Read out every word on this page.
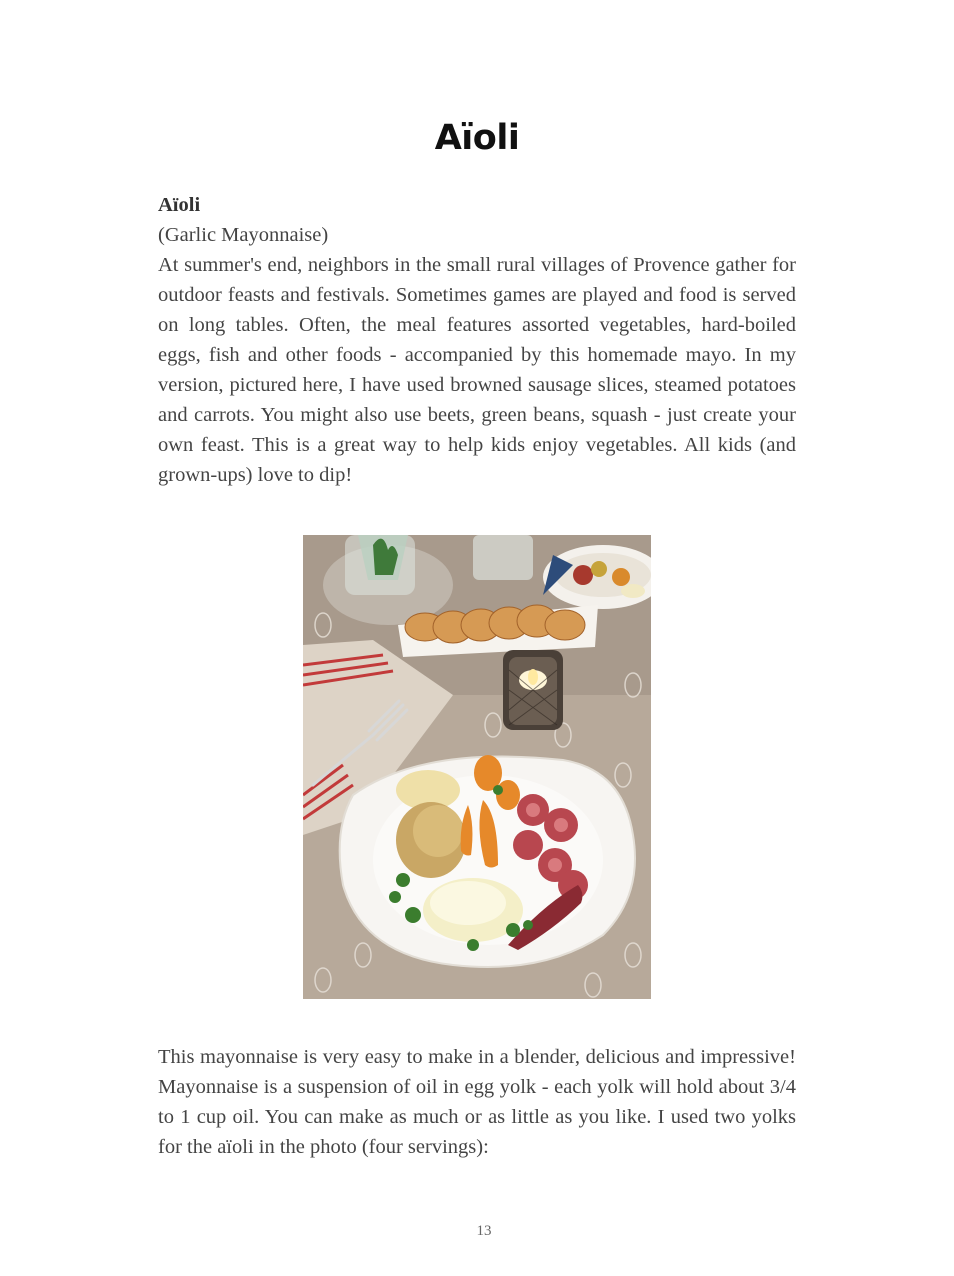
Aïoli
Aïoli
(Garlic Mayonnaise)
At summer's end, neighbors in the small rural villages of Provence gather for outdoor feasts and festivals. Sometimes games are played and food is served on long tables. Often, the meal features assorted vegetables, hard-boiled eggs, fish and other foods - accompanied by this homemade mayo. In my version, pictured here, I have used browned sausage slices, steamed potatoes and carrots. You might also use beets, green beans, squash - just create your own feast. This is a great way to help kids enjoy vegetables. All kids (and grown-ups) love to dip!
This mayonnaise is very easy to make in a blender, delicious and impressive! Mayonnaise is a suspension of oil in egg yolk - each yolk will hold about 3/4 to 1 cup oil. You can make as much or as little as you like. I used two yolks for the aïoli in the photo (four servings):
13
